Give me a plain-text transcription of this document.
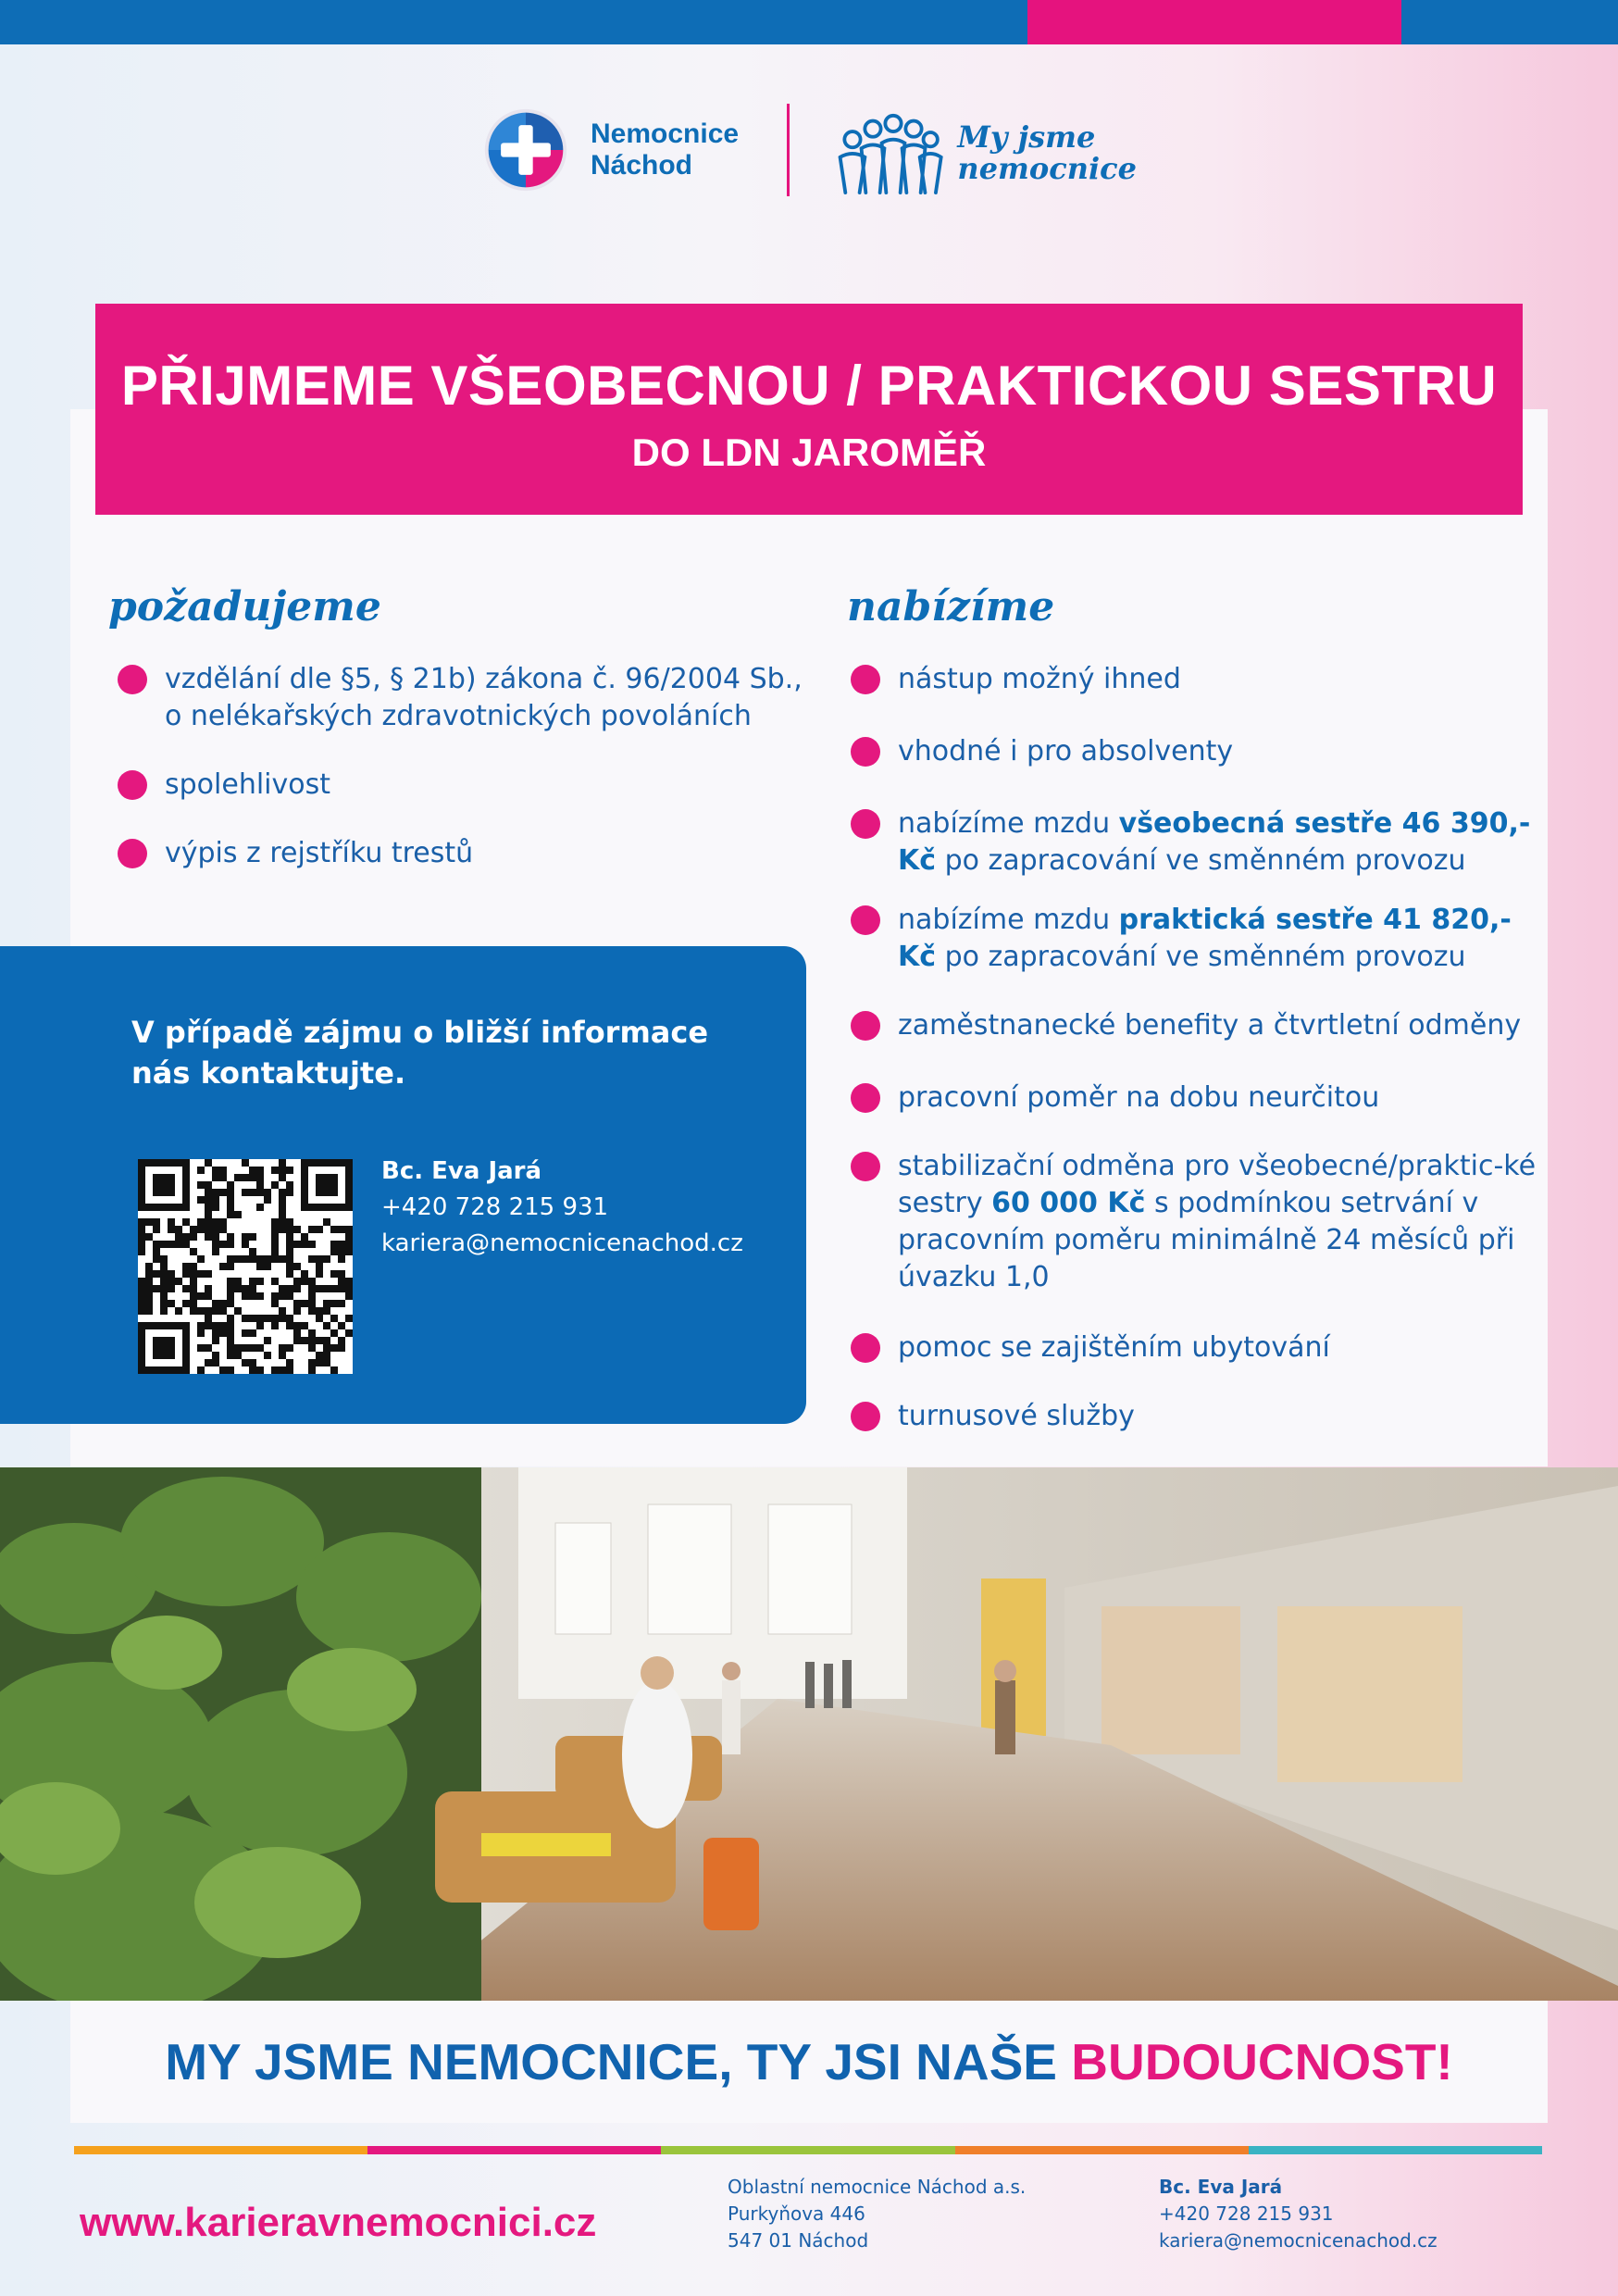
Nemocnice
Náchod
My jsme
nemocnice
PŘIJMEME VŠEOBECNOU / PRAKTICKOU SESTRU
DO LDN JAROMĚŘ
požadujeme
vzdělání dle §5, § 21b) zákona č. 96/2004 Sb., o nelékařských zdravotnických povoláních
spolehlivost
výpis z rejstříku trestů
nabízíme
nástup možný ihned
vhodné i pro absolventy
nabízíme mzdu všeobecná sestře 46 390,- Kč po zapracování ve směnném provozu
nabízíme mzdu praktická sestře 41 820,- Kč po zapracování ve směnném provozu
zaměstnanecké benefity a čtvrtletní odměny
pracovní poměr na dobu neurčitou
stabilizační odměna pro všeobecné/praktic-ké sestry 60 000 Kč s podmínkou setrvání v pracovním poměru minimálně 24 měsíců při úvazku 1,0
pomoc se zajištěním ubytování
turnusové služby
V případě zájmu o bližší informace
nás kontaktujte.
Bc. Eva Jará
+420 728 215 931
kariera@nemocnicenachod.cz
MY JSME NEMOCNICE, TY JSI NAŠE BUDOUCNOST!
www.karieravnemocnici.cz
Oblastní nemocnice Náchod a.s.
Purkyňova 446
547 01 Náchod
Bc. Eva Jará
+420 728 215 931
kariera@nemocnicenachod.cz
